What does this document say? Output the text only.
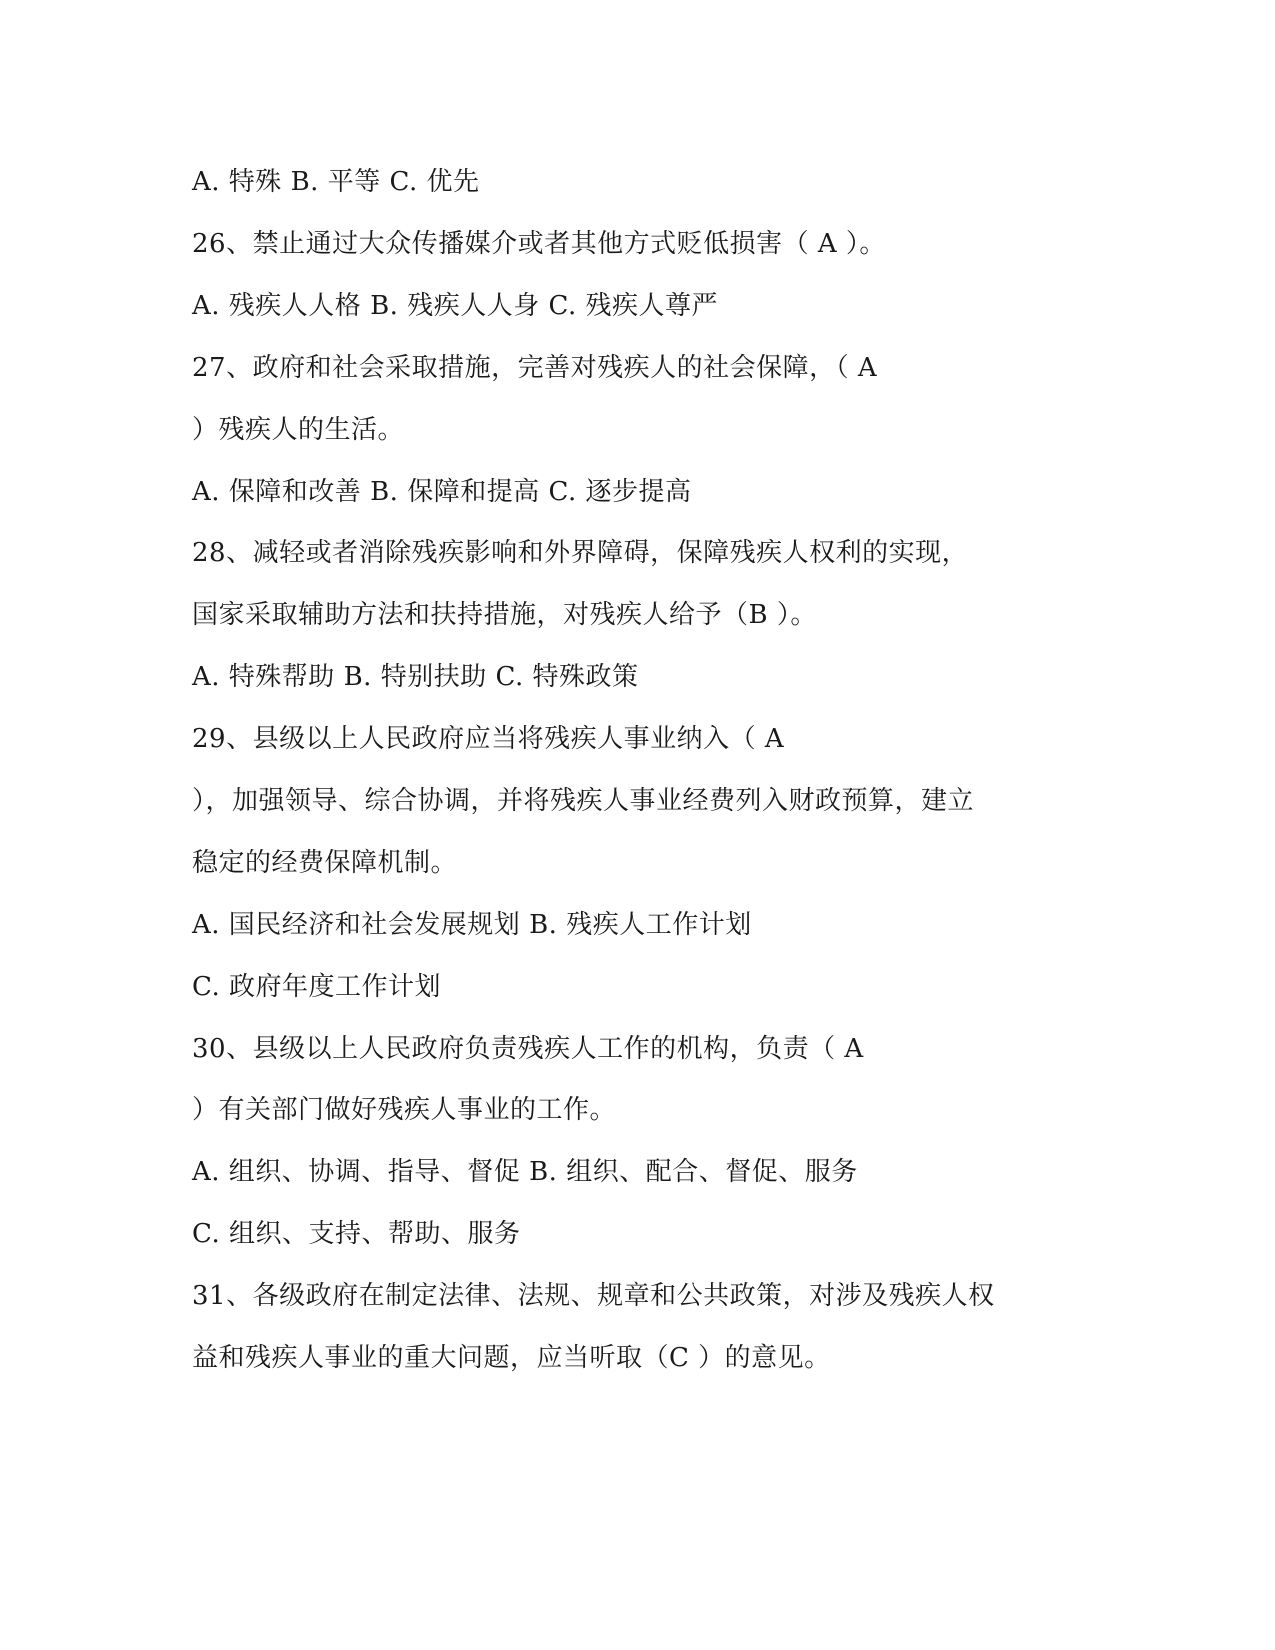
A. 特殊 B. 平等 C. 优先
26、禁止通过大众传播媒介或者其他方式贬低损害（ A ）。
A. 残疾人人格 B. 残疾人人身 C. 残疾人尊严
27、政府和社会采取措施，完善对残疾人的社会保障，（ A
）残疾人的生活。
A. 保障和改善 B. 保障和提高 C. 逐步提高
28、减轻或者消除残疾影响和外界障碍，保障残疾人权利的实现，
国家采取辅助方法和扶持措施，对残疾人给予（B ）。
A. 特殊帮助 B. 特别扶助 C. 特殊政策
29、县级以上人民政府应当将残疾人事业纳入（ A
），加强领导、综合协调，并将残疾人事业经费列入财政预算，建立
稳定的经费保障机制。
A. 国民经济和社会发展规划 B. 残疾人工作计划
C. 政府年度工作计划
30、县级以上人民政府负责残疾人工作的机构，负责（ A
）有关部门做好残疾人事业的工作。
A. 组织、协调、指导、督促 B. 组织、配合、督促、服务
C. 组织、支持、帮助、服务
31、各级政府在制定法律、法规、规章和公共政策，对涉及残疾人权
益和残疾人事业的重大问题，应当听取（C ）的意见。
